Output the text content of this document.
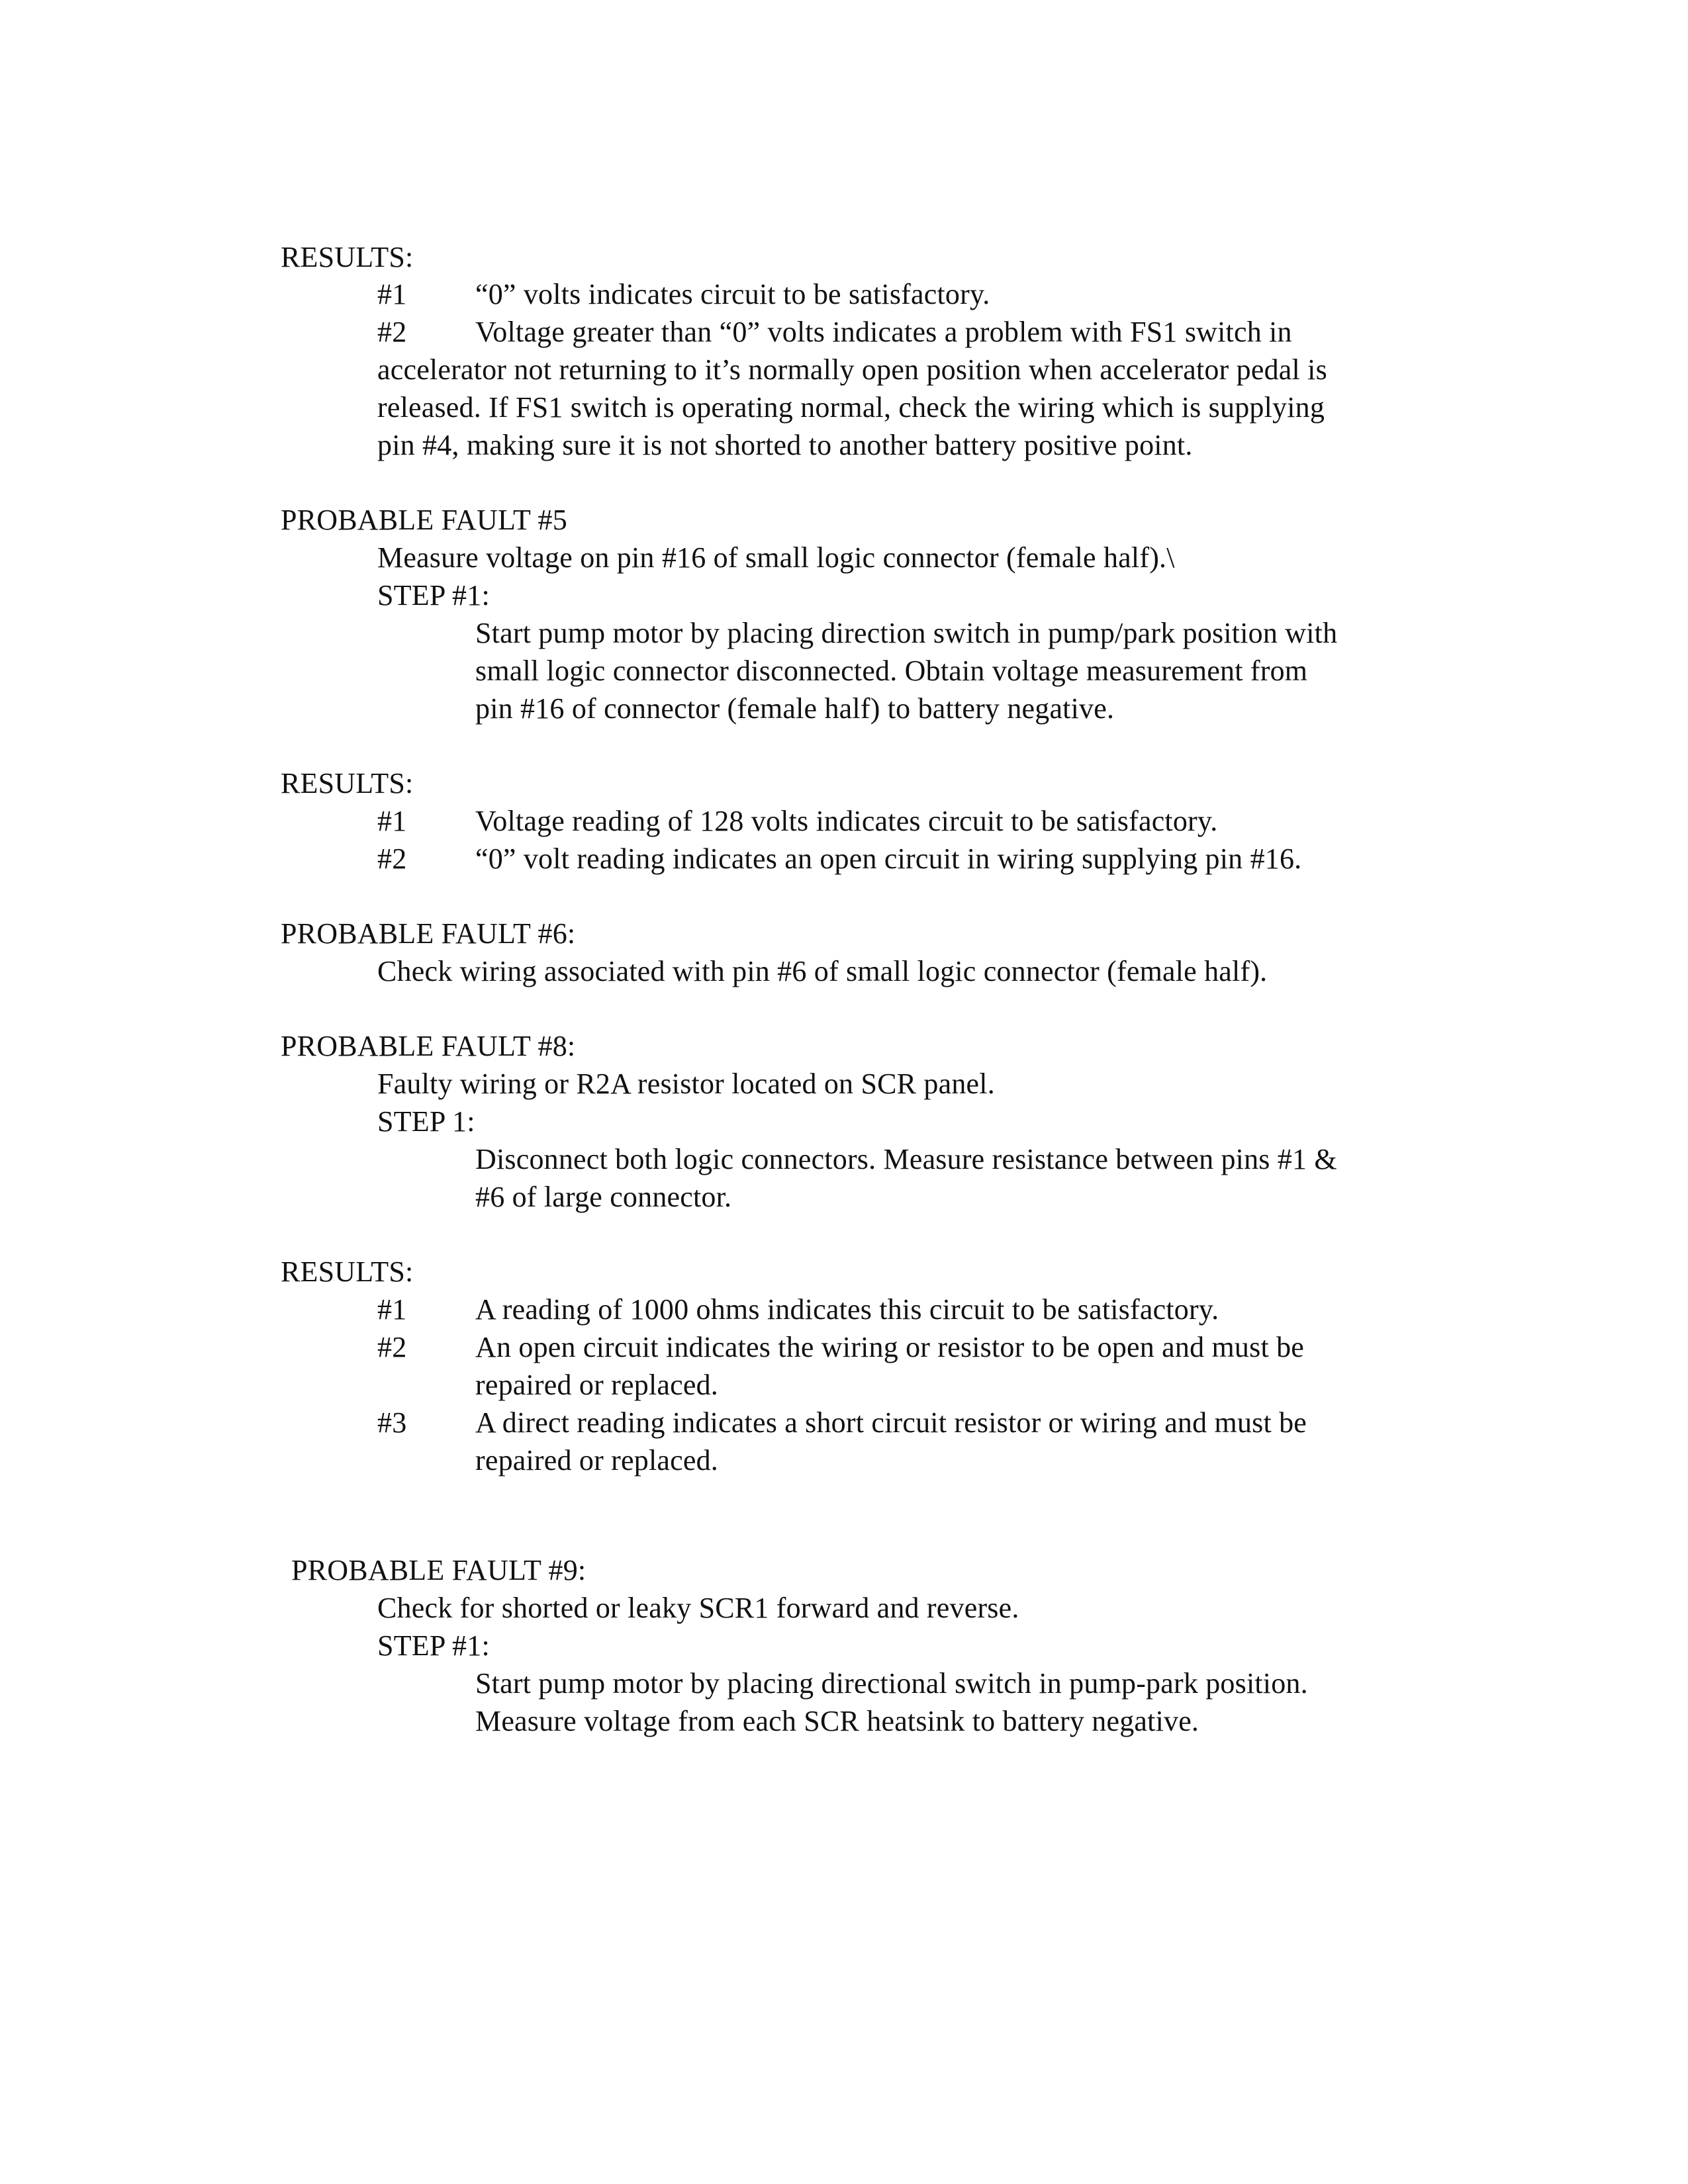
RESULTS:
#1 “0” volts indicates circuit to be satisfactory.
#2 Voltage greater than “0” volts indicates a problem with FS1 switch in
accelerator not returning to it’s normally open position when accelerator pedal is
released. If FS1 switch is operating normal, check the wiring which is supplying
pin #4, making sure it is not shorted to another battery positive point.
PROBABLE FAULT #5
Measure voltage on pin #16 of small logic connector (female half).\
STEP #1:
Start pump motor by placing direction switch in pump/park position with
small logic connector disconnected. Obtain voltage measurement from
pin #16 of connector (female half) to battery negative.
RESULTS:
#1 Voltage reading of 128 volts indicates circuit to be satisfactory.
#2 “0” volt reading indicates an open circuit in wiring supplying pin #16.
PROBABLE FAULT #6:
Check wiring associated with pin #6 of small logic connector (female half).
PROBABLE FAULT #8:
Faulty wiring or R2A resistor located on SCR panel.
STEP 1:
Disconnect both logic connectors. Measure resistance between pins #1 &
#6 of large connector.
RESULTS:
#1 A reading of 1000 ohms indicates this circuit to be satisfactory.
#2 An open circuit indicates the wiring or resistor to be open and must be
repaired or replaced.
#3 A direct reading indicates a short circuit resistor or wiring and must be
repaired or replaced.
PROBABLE FAULT #9:
Check for shorted or leaky SCR1 forward and reverse.
STEP #1:
Start pump motor by placing directional switch in pump-park position.
Measure voltage from each SCR heatsink to battery negative.
